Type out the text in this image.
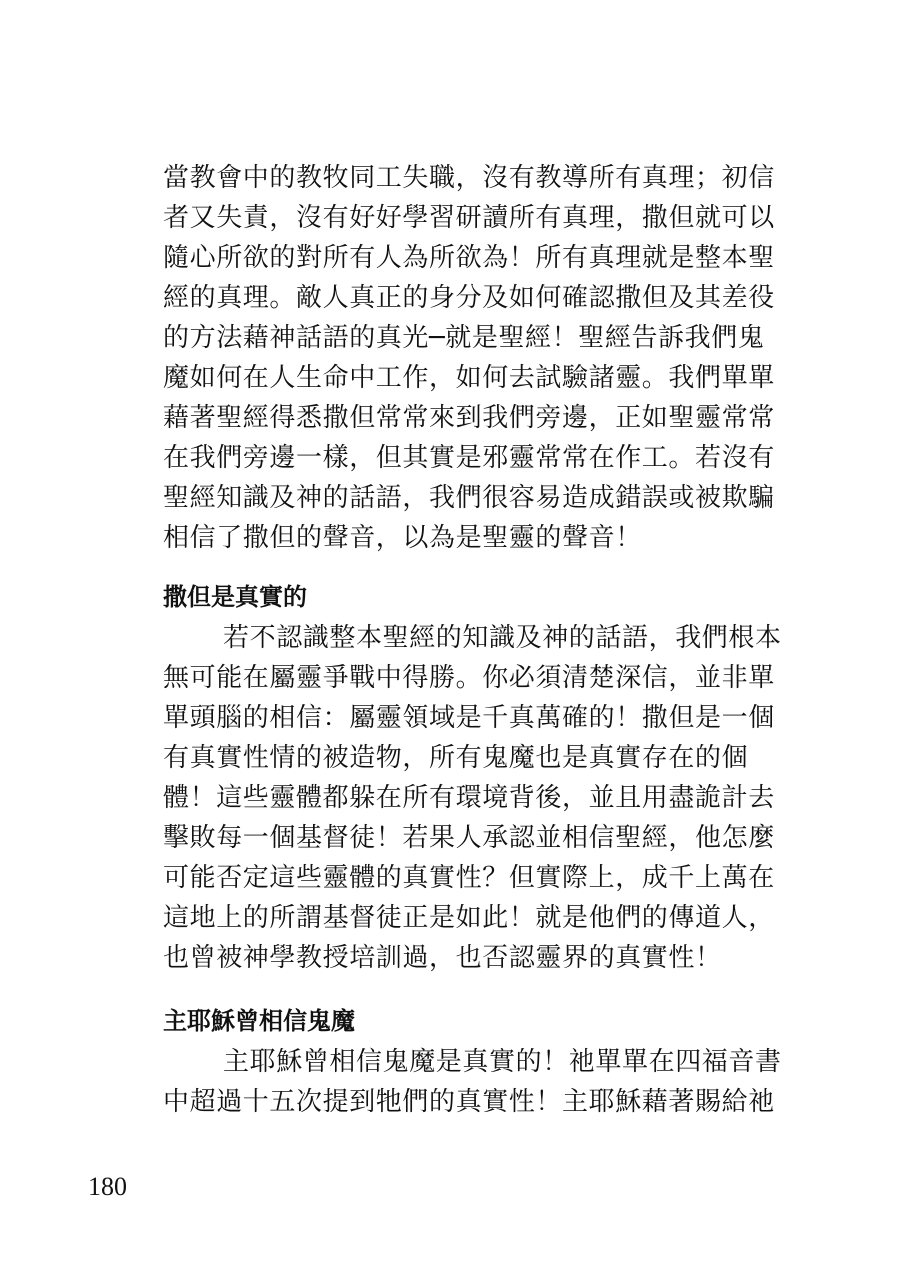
當教會中的教牧同工失職，沒有教導所有真理；初信
者又失責，沒有好好學習研讀所有真理，撒但就可以
隨心所欲的對所有人為所欲為！所有真理就是整本聖
經的真理。敵人真正的身分及如何確認撒但及其差役
的方法藉神話語的真光─就是聖經！聖經告訴我們鬼
魔如何在人生命中工作，如何去試驗諸靈。我們單單
藉著聖經得悉撒但常常來到我們旁邊，正如聖靈常常
在我們旁邊一樣，但其實是邪靈常常在作工。若沒有
聖經知識及神的話語，我們很容易造成錯誤或被欺騙
相信了撒但的聲音，以為是聖靈的聲音！
撒但是真實的
若不認識整本聖經的知識及神的話語，我們根本
無可能在屬靈爭戰中得勝。你必須清楚深信，並非單
單頭腦的相信：屬靈領域是千真萬確的！撒但是一個
有真實性情的被造物，所有鬼魔也是真實存在的個
體！這些靈體都躲在所有環境背後，並且用盡詭計去
擊敗每一個基督徒！若果人承認並相信聖經，他怎麼
可能否定這些靈體的真實性？但實際上，成千上萬在
這地上的所謂基督徒正是如此！就是他們的傳道人，
也曾被神學教授培訓過，也否認靈界的真實性！
主耶穌曾相信鬼魔
主耶穌曾相信鬼魔是真實的！祂單單在四福音書
中超過十五次提到牠們的真實性！主耶穌藉著賜給祂
180
